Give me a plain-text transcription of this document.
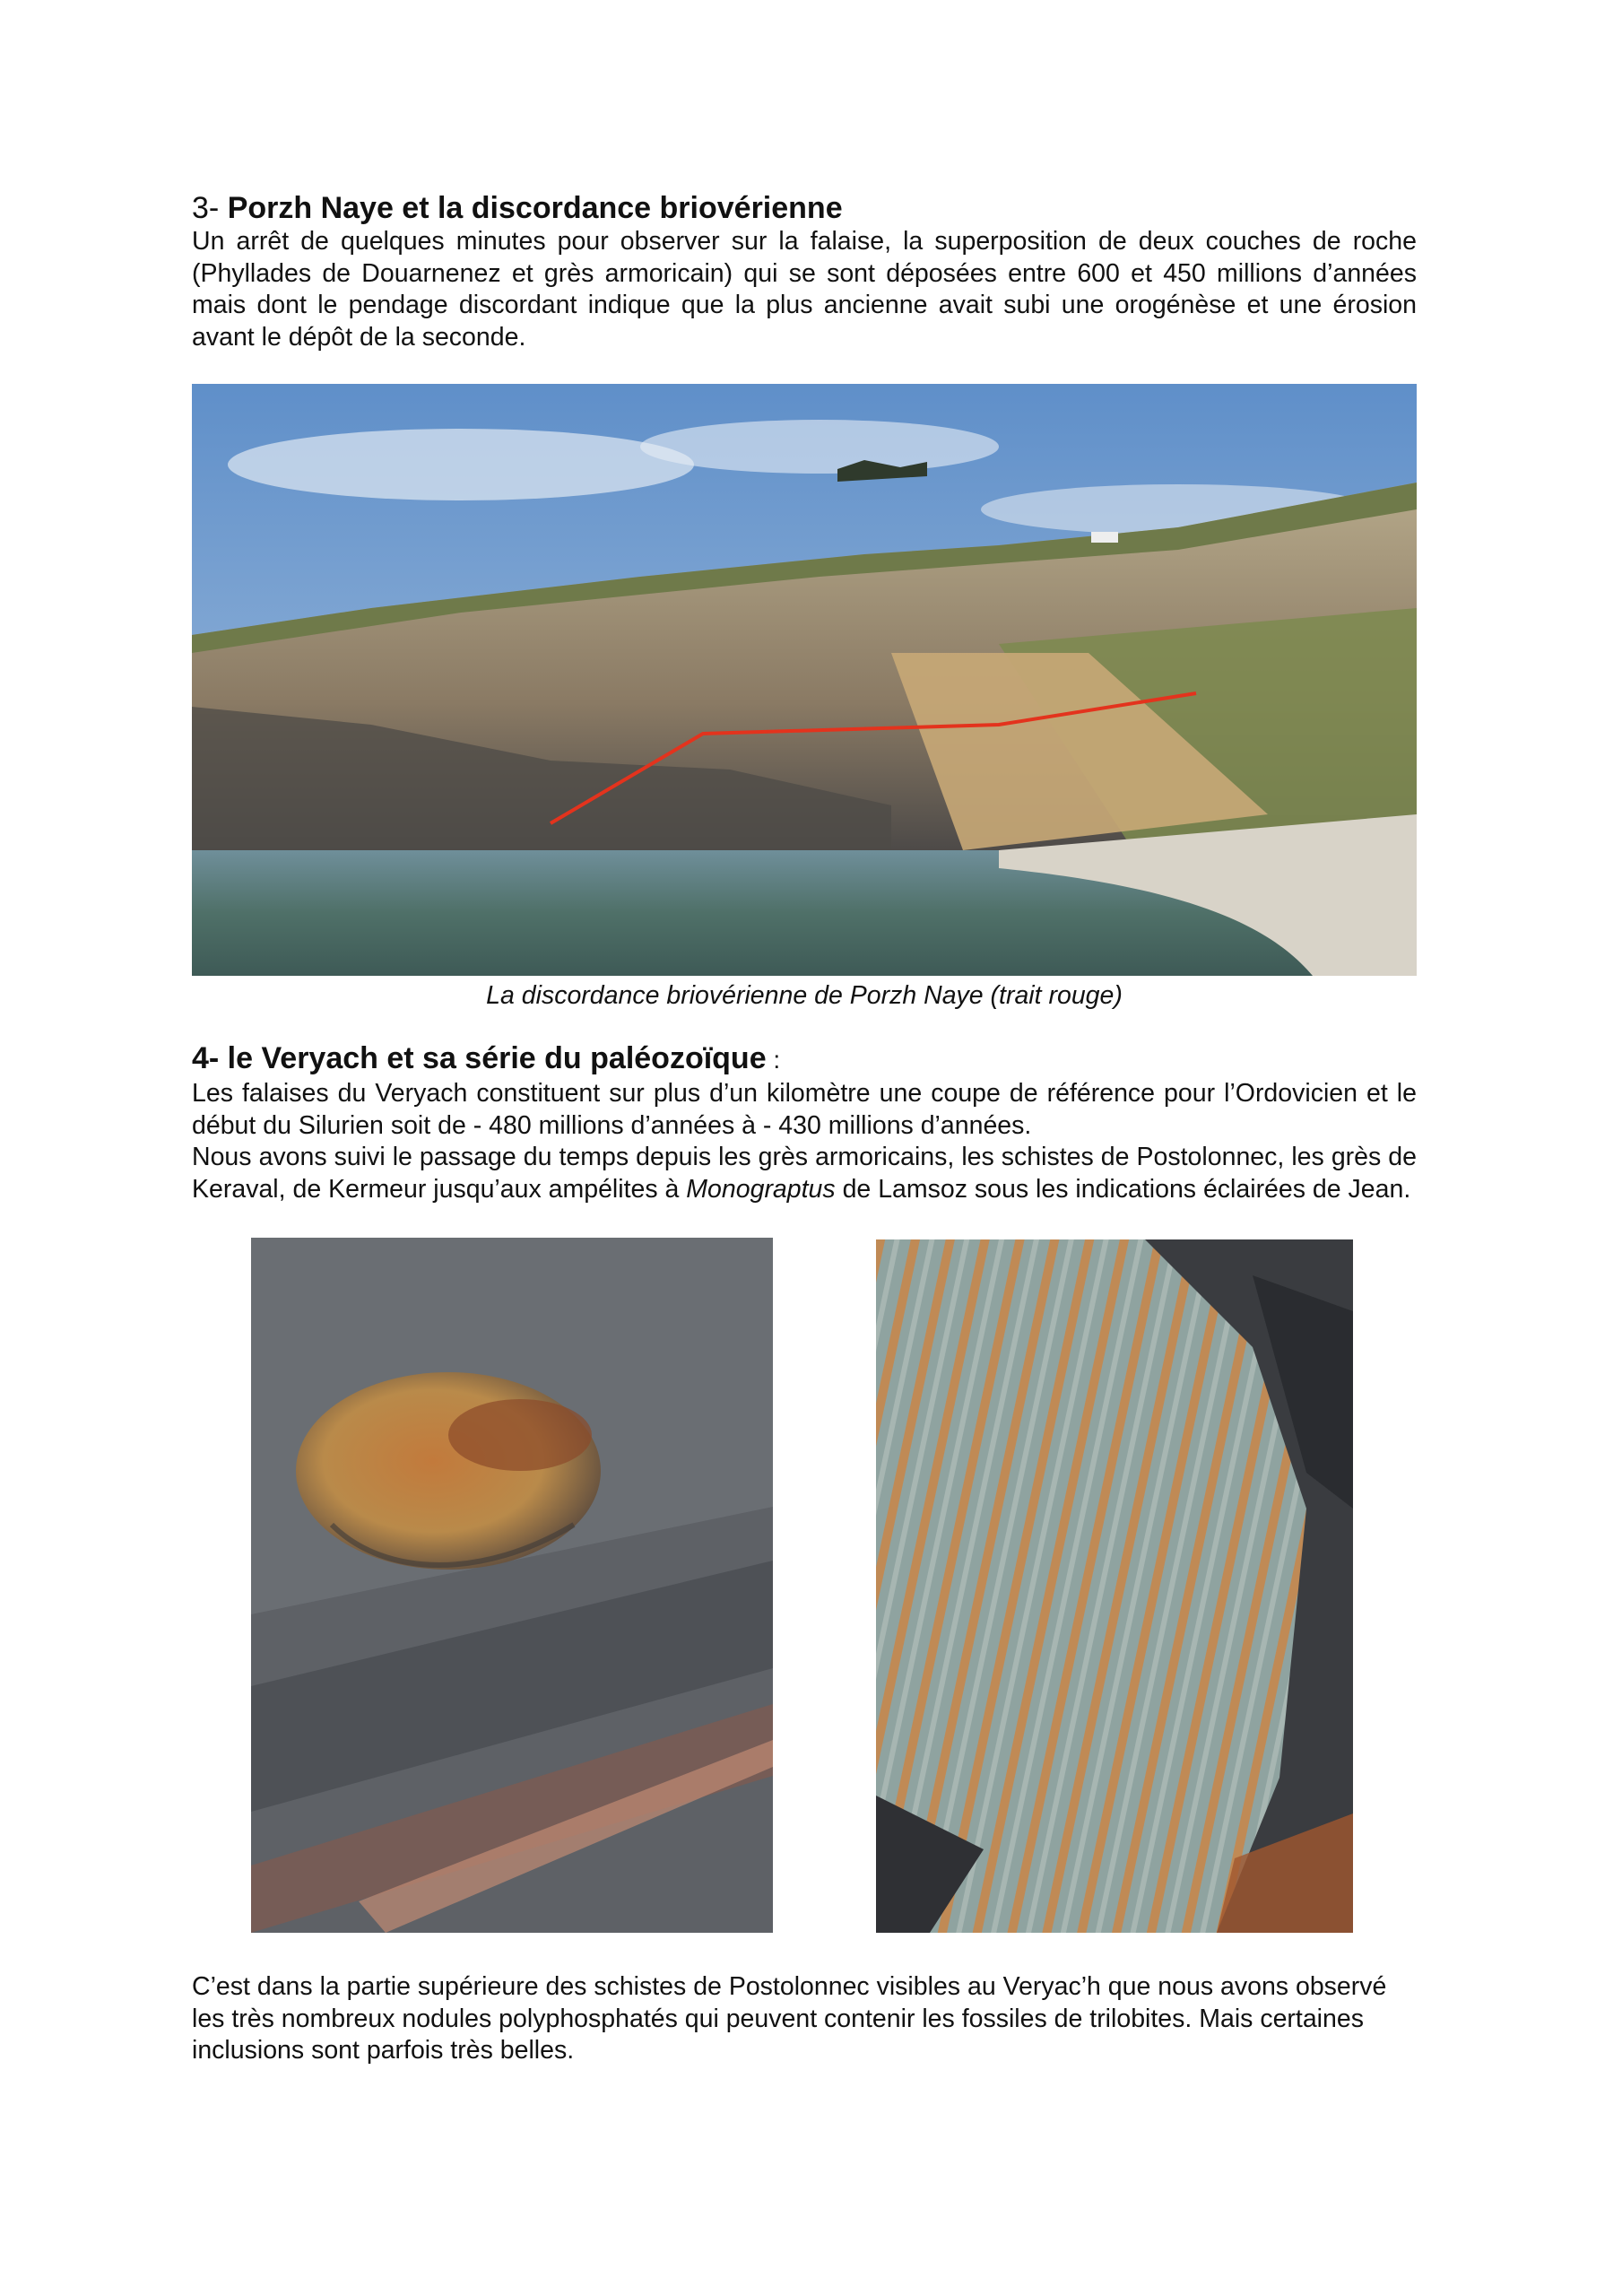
3- Porzh Naye et la discordance briovérienne

Un arrêt de quelques minutes pour observer sur la falaise, la superposition de deux couches de roche (Phyllades de Douarnenez et grès armoricain) qui se sont déposées entre 600 et 450 millions d’années mais dont le pendage discordant indique que la plus ancienne avait subi une orogénèse et une érosion avant le dépôt de la seconde.

La discordance briovérienne de Porzh Naye (trait rouge)
4- le Veryach et sa série du paléozoïque :

Les falaises du Veryach constituent sur plus d’un kilomètre une coupe de référence pour l’Ordovicien et le début du Silurien soit de - 480 millions d’années à - 430 millions d’années.

Nous avons suivi le passage du temps depuis les grès armoricains, les schistes de Postolonnec, les grès de Keraval, de Kermeur jusqu’aux ampélites à Monograptus de Lamsoz sous les indications éclairées de Jean.

C’est dans la partie supérieure des schistes de Postolonnec visibles au Veryac’h que nous avons observé les très nombreux nodules polyphosphatés qui peuvent contenir les fossiles de trilobites. Mais certaines inclusions sont parfois très belles.
